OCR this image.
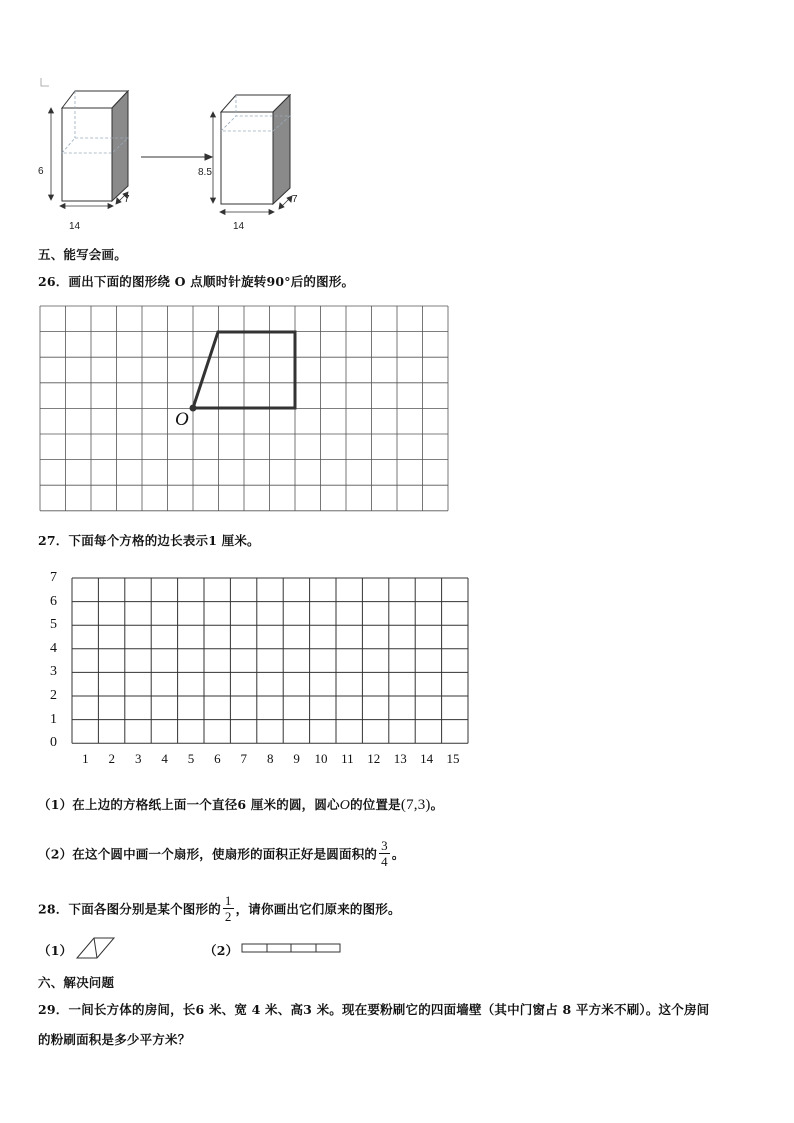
6
14
7
8.5
14
7
五、能写会画。
26．画出下面的图形绕 O 点顺时针旋转90°后的图形。
O
27．下面每个方格的边长表示1 厘米。
0
1
2
3
4
5
6
7
1	2	3	4	5	6	7	8	9	10	11	12	13	14	15
（1）在上边的方格纸上面一个直径6 厘米的圆，圆心O的位置是(7,3)。
（2）在这个圆中画一个扇形，使扇形的面积正好是圆面积的 $\frac{3}{4}$ 。
28．下面各图分别是某个图形的 $\frac{1}{2}$ ，请你画出它们原来的图形。
（1）	（2）
六、解决问题
29．一间长方体的房间，长6 米、宽 4 米、高3 米。现在要粉刷它的四面墙壁（其中门窗占 8 平方米不刷）。这个房间
的粉刷面积是多少平方米？
